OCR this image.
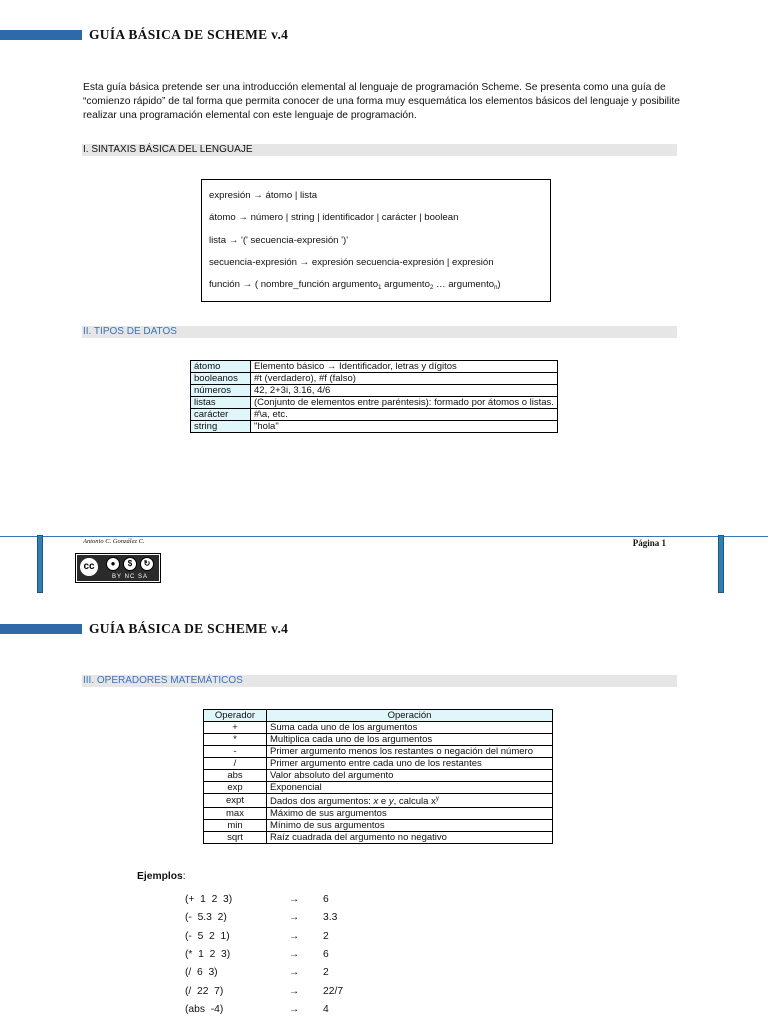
GUÍA BÁSICA DE SCHEME v.4

Esta guía básica pretende ser una introducción elemental al lenguaje de programación Scheme. Se presenta como una guía de “comienzo rápido” de tal forma que permita conocer de una forma muy esquemática los elementos básicos del lenguaje y posibilite realizar una programación elemental con este lenguaje de programación.

I. SINTAXIS BÁSICA DEL LENGUAJE
expresión → átomo | lista
átomo → número | string | identificador | carácter | boolean
lista → '(' secuencia-expresión ')'
secuencia-expresión → expresión secuencia-expresión | expresión
función → ( nombre_función argumento$_1$ argumento$_2$ … argumento$_n$)
II. TIPOS DE DATOS
átomo	Elemento básico → Identificador, letras y dígitos
booleanos	#t (verdadero), #f (falso)
números	42, 2+3i, 3.16, 4/6
listas	(Conjunto de elementos entre paréntesis): formado por átomos o listas.
carácter	#\a, etc.
string	"hola"
Antonio C. González C.	Página 1
cc	●	$	↻
BY NC SA
GUÍA BÁSICA DE SCHEME v.4
III. OPERADORES MATEMÁTICOS
Operador	Operación
+	Suma cada uno de los argumentos
*	Multiplica cada uno de los argumentos
-	Primer argumento menos los restantes o negación del número
/	Primer argumento entre cada uno de los restantes
abs	Valor absoluto del argumento
exp	Exponencial
expt	Dados dos argumentos: x e y, calcula $x^y$
max	Máximo de sus argumentos
min	Mínimo de sus argumentos
sqrt	Raíz cuadrada del argumento no negativo
Ejemplos:
(+  1  2  3)	→ 6
(-  5.3  2)	→ 3.3
(-  5  2  1)	→ 2
(*  1  2  3)	→ 6
(/  6  3)	→ 2
(/  22  7)	→ 22/7
(abs  -4)	→ 4
